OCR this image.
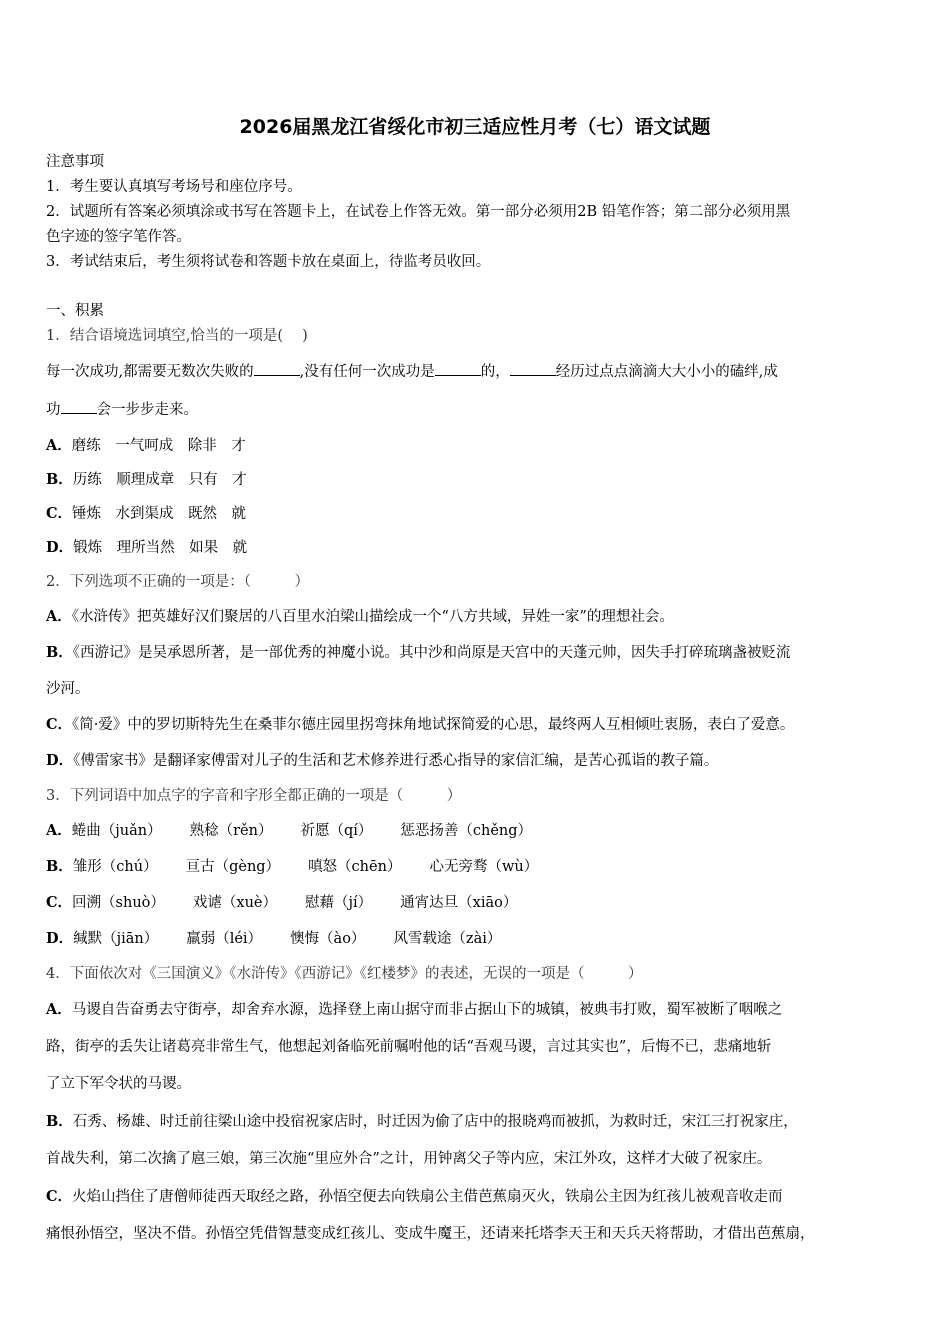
2026届黑龙江省绥化市初三适应性月考（七）语文试题
注意事项
1．考生要认真填写考场号和座位序号。
2．试题所有答案必须填涂或书写在答题卡上，在试卷上作答无效。第一部分必须用2B 铅笔作答；第二部分必须用黑
色字迹的签字笔作答。
3．考试结束后，考生须将试卷和答题卡放在桌面上，待监考员收回。
一、积累
1．结合语境选词填空,恰当的一项是(　 )
每一次成功,都需要无数次失败的	,没有任何一次成功是	的，	经历过点点滴滴大大小小的磕绊,成
功 会一步步走来。
A．磨练　一气呵成　除非　才
B．历练　顺理成章　只有　才
C．锤炼　水到渠成　既然　就
D．锻炼　理所当然　如果　就
2．下列选项不正确的一项是：（　　　）
A．《水浒传》把英雄好汉们聚居的八百里水泊梁山描绘成一个“八方共域，异姓一家”的理想社会。
B．《西游记》是吴承恩所著，是一部优秀的神魔小说。其中沙和尚原是天宫中的天蓬元帅，因失手打碎琉璃盏被贬流
沙河。
C．《简·爱》中的罗切斯特先生在桑菲尔德庄园里拐弯抹角地试探简爱的心思，最终两人互相倾吐衷肠，表白了爱意。
D．《傅雷家书》是翻译家傅雷对儿子的生活和艺术修养进行悉心指导的家信汇编，是苦心孤诣的教子篇。
3．下列词语中加点字的字音和字形全都正确的一项是（　　　）
A．蜷曲（juǎn） 熟稔（rěn） 祈愿（qí） 惩恶扬善（chěng）
B．雏形（chú） 亘古（gèng） 嗔怒（chēn） 心无旁骛（wù）
C．回溯（shuò） 戏谑（xuè） 慰藉（jí） 通宵达旦（xiāo）
D．缄默（jiān） 羸弱（léi） 懊悔（ào） 风雪载途（zài）
4．下面依次对《三国演义》《水浒传》《西游记》《红楼梦》的表述，无误的一项是（　　　）
A．马谡自告奋勇去守街亭，却舍弃水源，选择登上南山据守而非占据山下的城镇，被典韦打败，蜀军被断了咽喉之
路，街亭的丢失让诸葛亮非常生气，他想起刘备临死前嘱咐他的话“吾观马谡，言过其实也”，后悔不已，悲痛地斩
了立下军令状的马谡。
B．石秀、杨雄、时迁前往梁山途中投宿祝家店时，时迁因为偷了店中的报晓鸡而被抓，为救时迁，宋江三打祝家庄，
首战失利，第二次擒了扈三娘，第三次施“里应外合”之计，用钟离父子等内应，宋江外攻，这样才大破了祝家庄。
C．火焰山挡住了唐僧师徒西天取经之路，孙悟空便去向铁扇公主借芭蕉扇灭火，铁扇公主因为红孩儿被观音收走而
痛恨孙悟空，坚决不借。孙悟空凭借智慧变成红孩儿、变成牛魔王，还请来托塔李天王和天兵天将帮助，才借出芭蕉扇，
